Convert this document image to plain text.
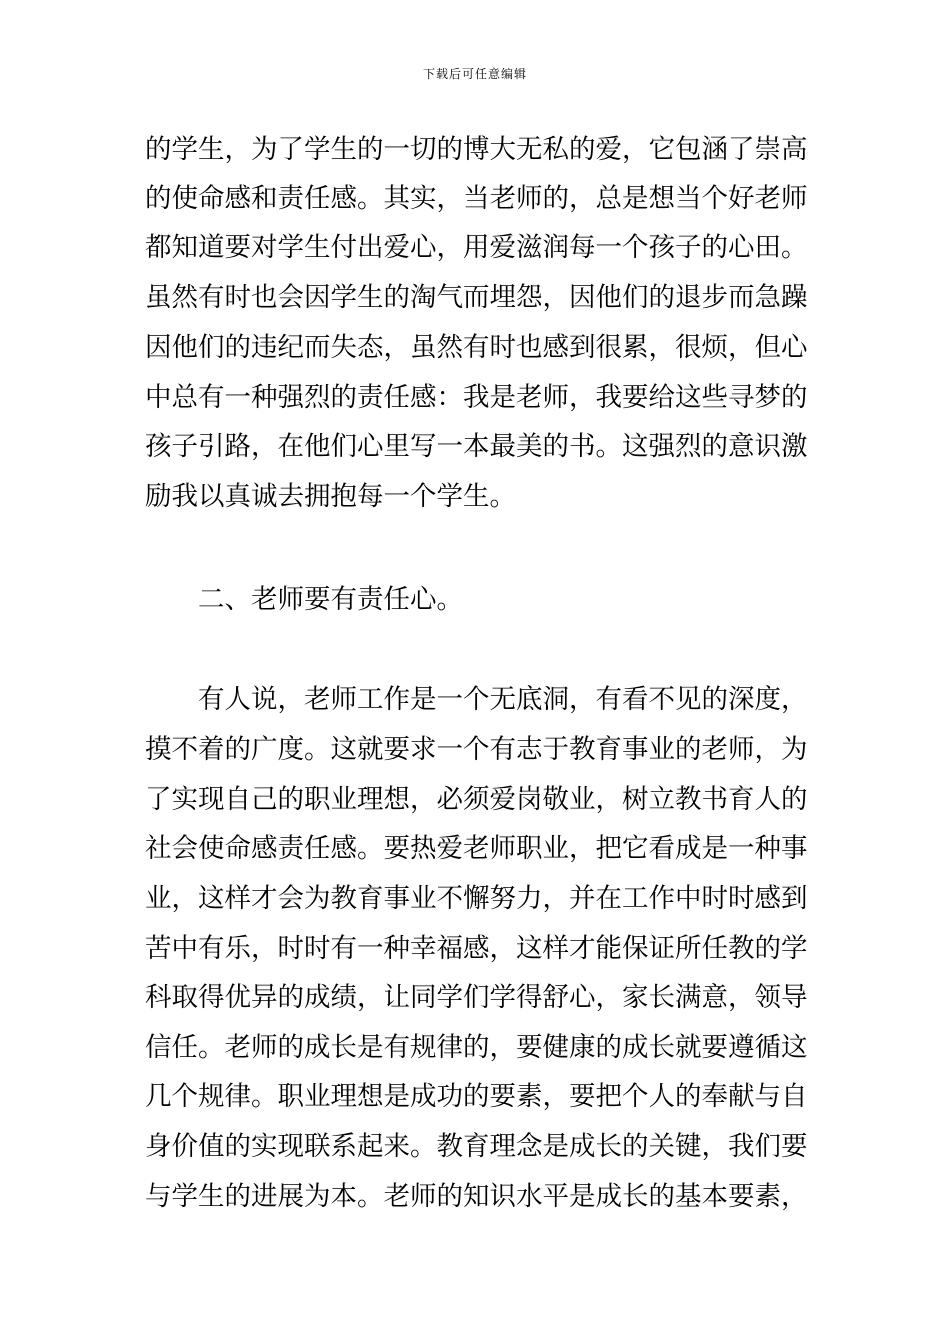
下载后可任意编辑
的学生，为了学生的一切的博大无私的爱，它包涵了崇高
的使命感和责任感。其实，当老师的，总是想当个好老师
都知道要对学生付出爱心，用爱滋润每一个孩子的心田。
虽然有时也会因学生的淘气而埋怨，因他们的退步而急躁
因他们的违纪而失态，虽然有时也感到很累，很烦，但心
中总有一种强烈的责任感：我是老师，我要给这些寻梦的
孩子引路，在他们心里写一本最美的书。这强烈的意识激
励我以真诚去拥抱每一个学生。
二、老师要有责任心。
有人说，老师工作是一个无底洞，有看不见的深度，
摸不着的广度。这就要求一个有志于教育事业的老师，为
了实现自己的职业理想，必须爱岗敬业，树立教书育人的
社会使命感责任感。要热爱老师职业，把它看成是一种事
业，这样才会为教育事业不懈努力，并在工作中时时感到
苦中有乐，时时有一种幸福感，这样才能保证所任教的学
科取得优异的成绩，让同学们学得舒心，家长满意，领导
信任。老师的成长是有规律的，要健康的成长就要遵循这
几个规律。职业理想是成功的要素，要把个人的奉献与自
身价值的实现联系起来。教育理念是成长的关键，我们要
与学生的进展为本。老师的知识水平是成长的基本要素，
